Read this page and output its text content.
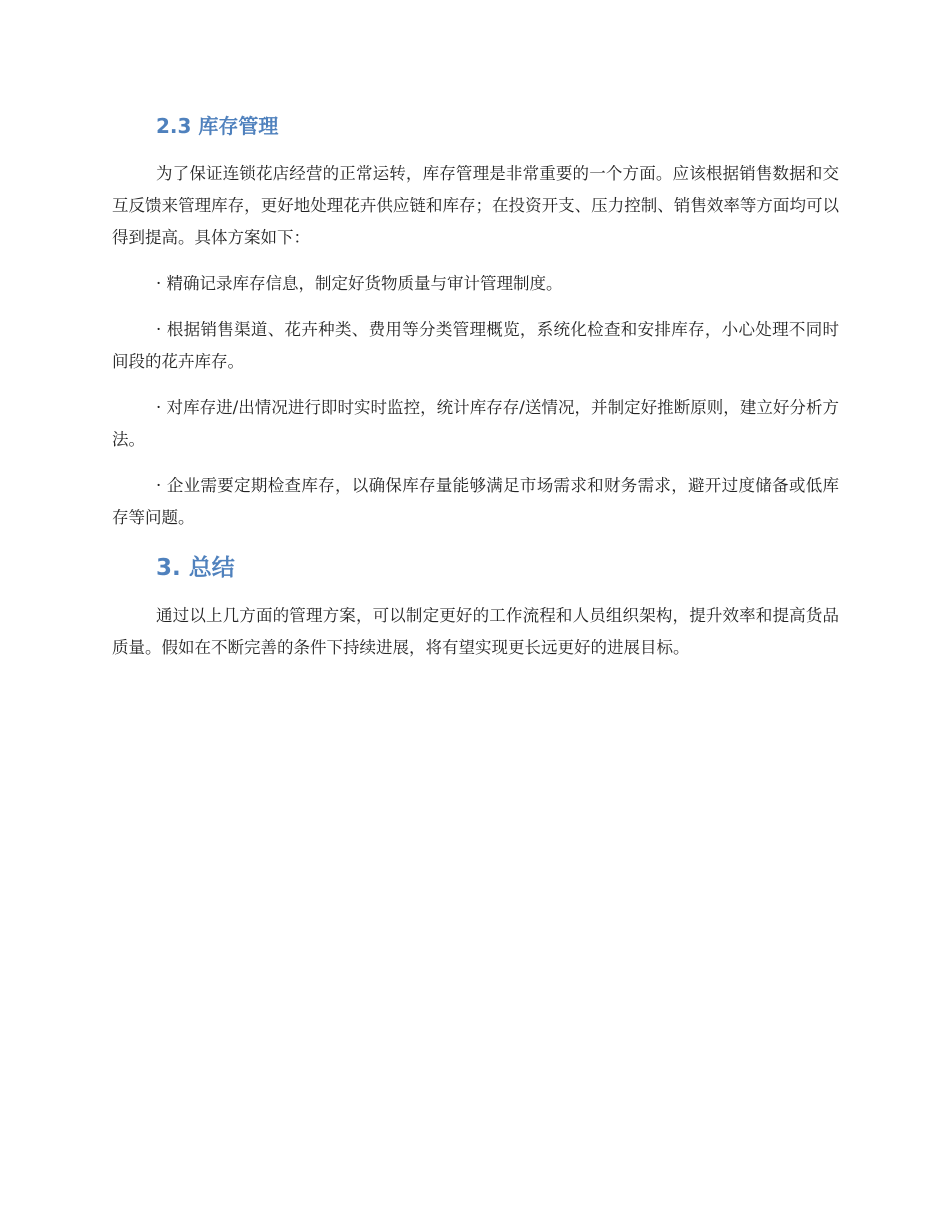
2.3 库存管理

为了保证连锁花店经营的正常运转，库存管理是非常重要的一个方面。应该根据销售数据和交互反馈来管理库存，更好地处理花卉供应链和库存；在投资开支、压力控制、销售效率等方面均可以得到提高。具体方案如下：

· 精确记录库存信息，制定好货物质量与审计管理制度。

· 根据销售渠道、花卉种类、费用等分类管理概览，系统化检查和安排库存，小心处理不同时间段的花卉库存。

· 对库存进/出情况进行即时实时监控，统计库存存/送情况，并制定好推断原则，建立好分析方法。

· 企业需要定期检查库存，以确保库存量能够满足市场需求和财务需求，避开过度储备或低库存等问题。

3. 总结

通过以上几方面的管理方案，可以制定更好的工作流程和人员组织架构，提升效率和提高货品质量。假如在不断完善的条件下持续进展，将有望实现更长远更好的进展目标。
